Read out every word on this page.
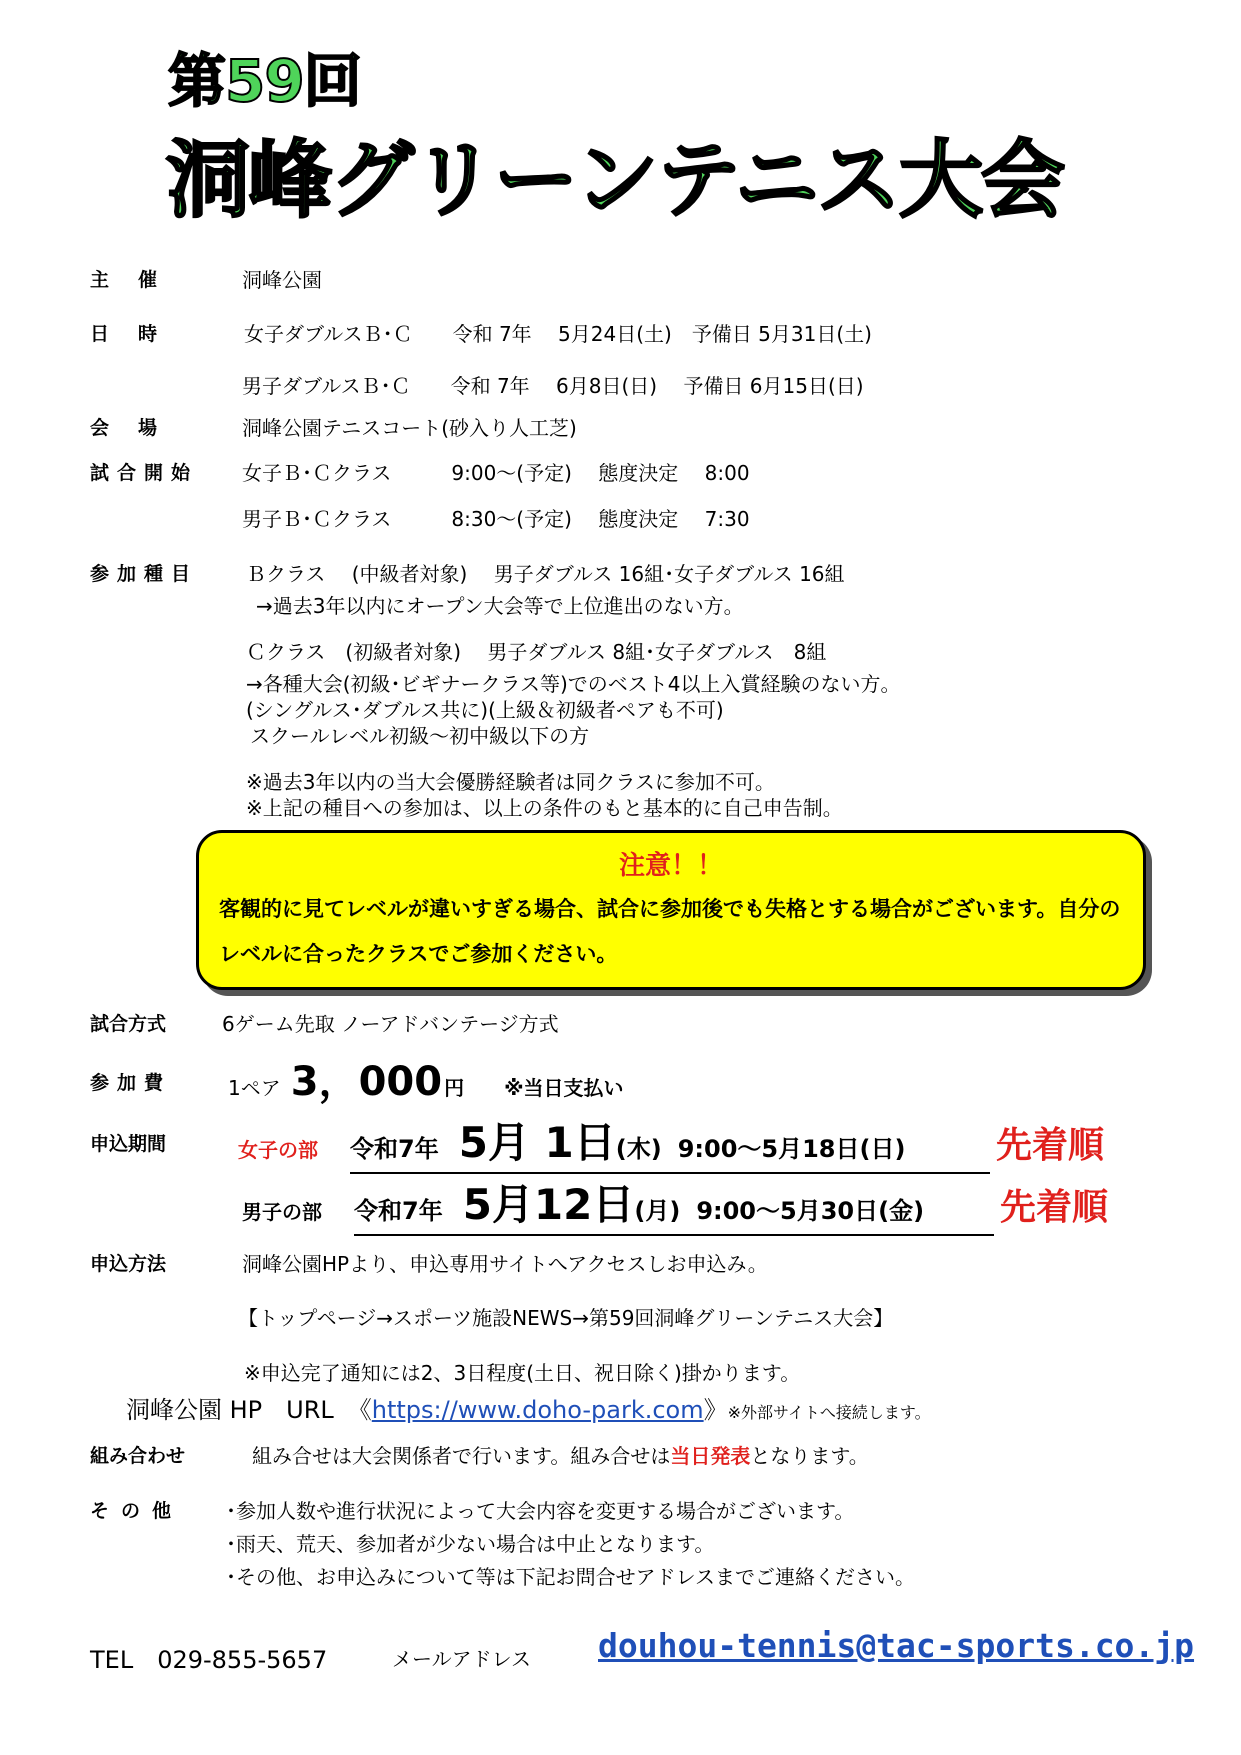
第59回
洞峰グリーンテニス大会
主催	洞峰公園
日時	女子ダブルスＢ･Ｃ　　令和 7年　 5月24日(土)　予備日 5月31日(土)
男子ダブルスＢ･Ｃ　　令和 7年　 6月8日(日)　 予備日 6月15日(日)
会場	洞峰公園テニスコート(砂入り人工芝)
試合開始 女子Ｂ･Ｃクラス　　　9:00～(予定)　 態度決定　 8:00
男子Ｂ･Ｃクラス　　　8:30～(予定)　 態度決定　 7:30
参加種目 Ｂクラス　 (中級者対象)　 男子ダブルス 16組･女子ダブルス 16組
→過去3年以内にオープン大会等で上位進出のない方。
Ｃクラス　(初級者対象)　 男子ダブルス 8組･女子ダブルス　8組
→各種大会(初級･ビギナークラス等)でのベスト4以上入賞経験のない方。
(シングルス･ダブルス共に)(上級＆初級者ペアも不可)
スクールレベル初級～初中級以下の方
※過去3年以内の当大会優勝経験者は同クラスに参加不可。
※上記の種目への参加は、以上の条件のもと基本的に自己申告制。
注意！！
客観的に見てレベルが違いすぎる場合、試合に参加後でも失格とする場合がございます。自分のレベルに合ったクラスでご参加ください。
試合方式	6ゲーム先取 ノーアドバンテージ方式
参加費	1ペア 3，000 円 ※当日支払い
申込期間	女子の部	令和7年 5月 1日 (木) 9:00～5月18日(日)	先着順
男子の部	令和7年 5月12日 (月) 9:00～5月30日(金) 先着順
申込方法	洞峰公園HPより、申込専用サイトへアクセスしお申込み。
【トップページ→スポーツ施設NEWS→第59回洞峰グリーンテニス大会】
※申込完了通知には2、3日程度(土日、祝日除く)掛かります。
洞峰公園 HP　URL 《 https://www.doho-park.com 》 ※外部サイトへ接続します。
組み合わせ	組み合せは大会関係者で行います。組み合せは当日発表となります。
その他 ･参加人数や進行状況によって大会内容を変更する場合がございます。
･雨天、荒天、参加者が少ない場合は中止となります。
･その他、お申込みについて等は下記お問合せアドレスまでご連絡ください。
TEL　029-855-5657	メールアドレス douhou-tennis@tac-sports.co.jp
